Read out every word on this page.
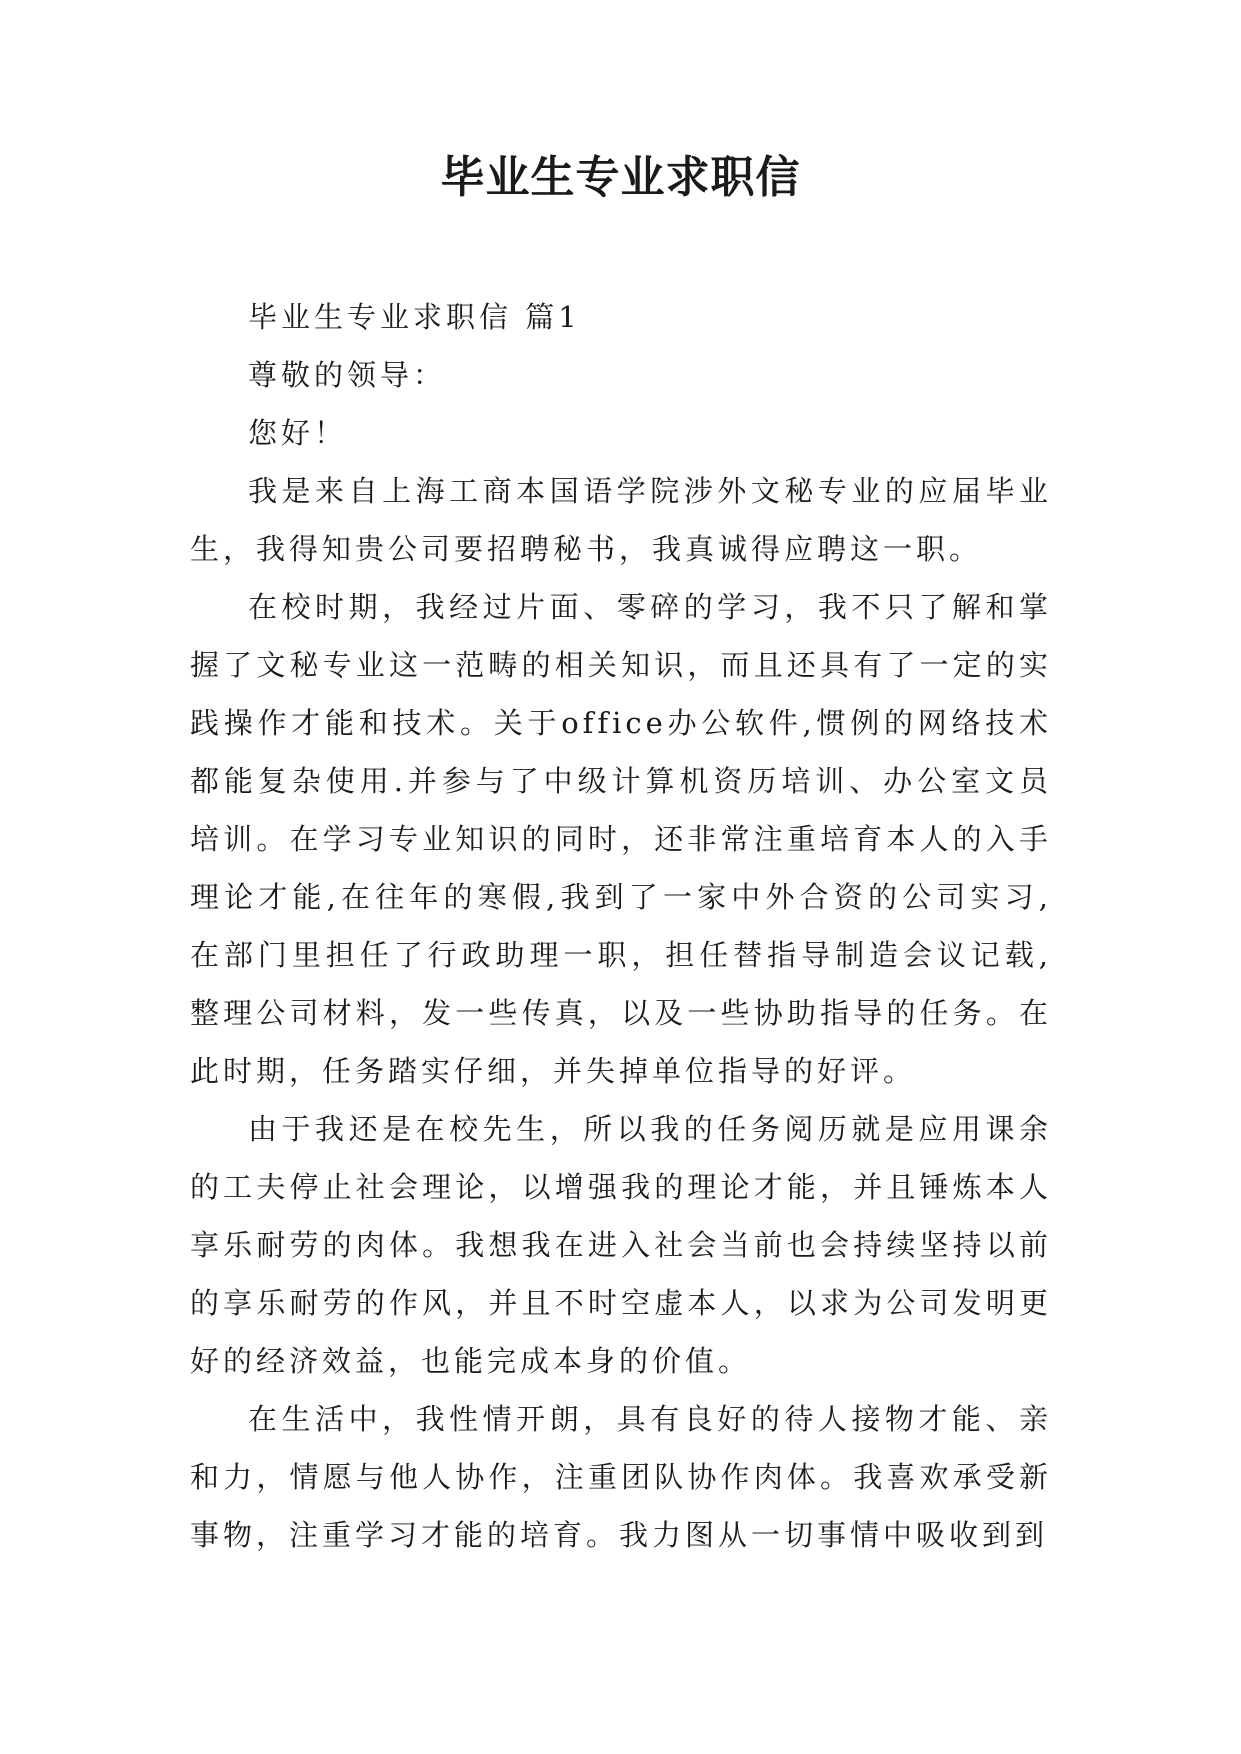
毕业生专业求职信

毕业生专业求职信 篇1

尊敬的领导：

您好！

我是来自上海工商本国语学院涉外文秘专业的应届毕业生，我得知贵公司要招聘秘书，我真诚得应聘这一职。

在校时期，我经过片面、零碎的学习，我不只了解和掌握了文秘专业这一范畴的相关知识，而且还具有了一定的实践操作才能和技术。关于office办公软件,惯例的网络技术都能复杂使用.并参与了中级计算机资历培训、办公室文员培训。在学习专业知识的同时，还非常注重培育本人的入手理论才能,在往年的寒假,我到了一家中外合资的公司实习,在部门里担任了行政助理一职，担任替指导制造会议记载,整理公司材料，发一些传真，以及一些协助指导的任务。在此时期，任务踏实仔细，并失掉单位指导的好评。

由于我还是在校先生，所以我的任务阅历就是应用课余的工夫停止社会理论，以增强我的理论才能，并且锤炼本人享乐耐劳的肉体。我想我在进入社会当前也会持续坚持以前的享乐耐劳的作风，并且不时空虚本人，以求为公司发明更好的经济效益，也能完成本身的价值。

在生活中，我性情开朗，具有良好的待人接物才能、亲和力，情愿与他人协作，注重团队协作肉体。我喜欢承受新事物，注重学习才能的培育。我力图从一切事情中吸收到到
